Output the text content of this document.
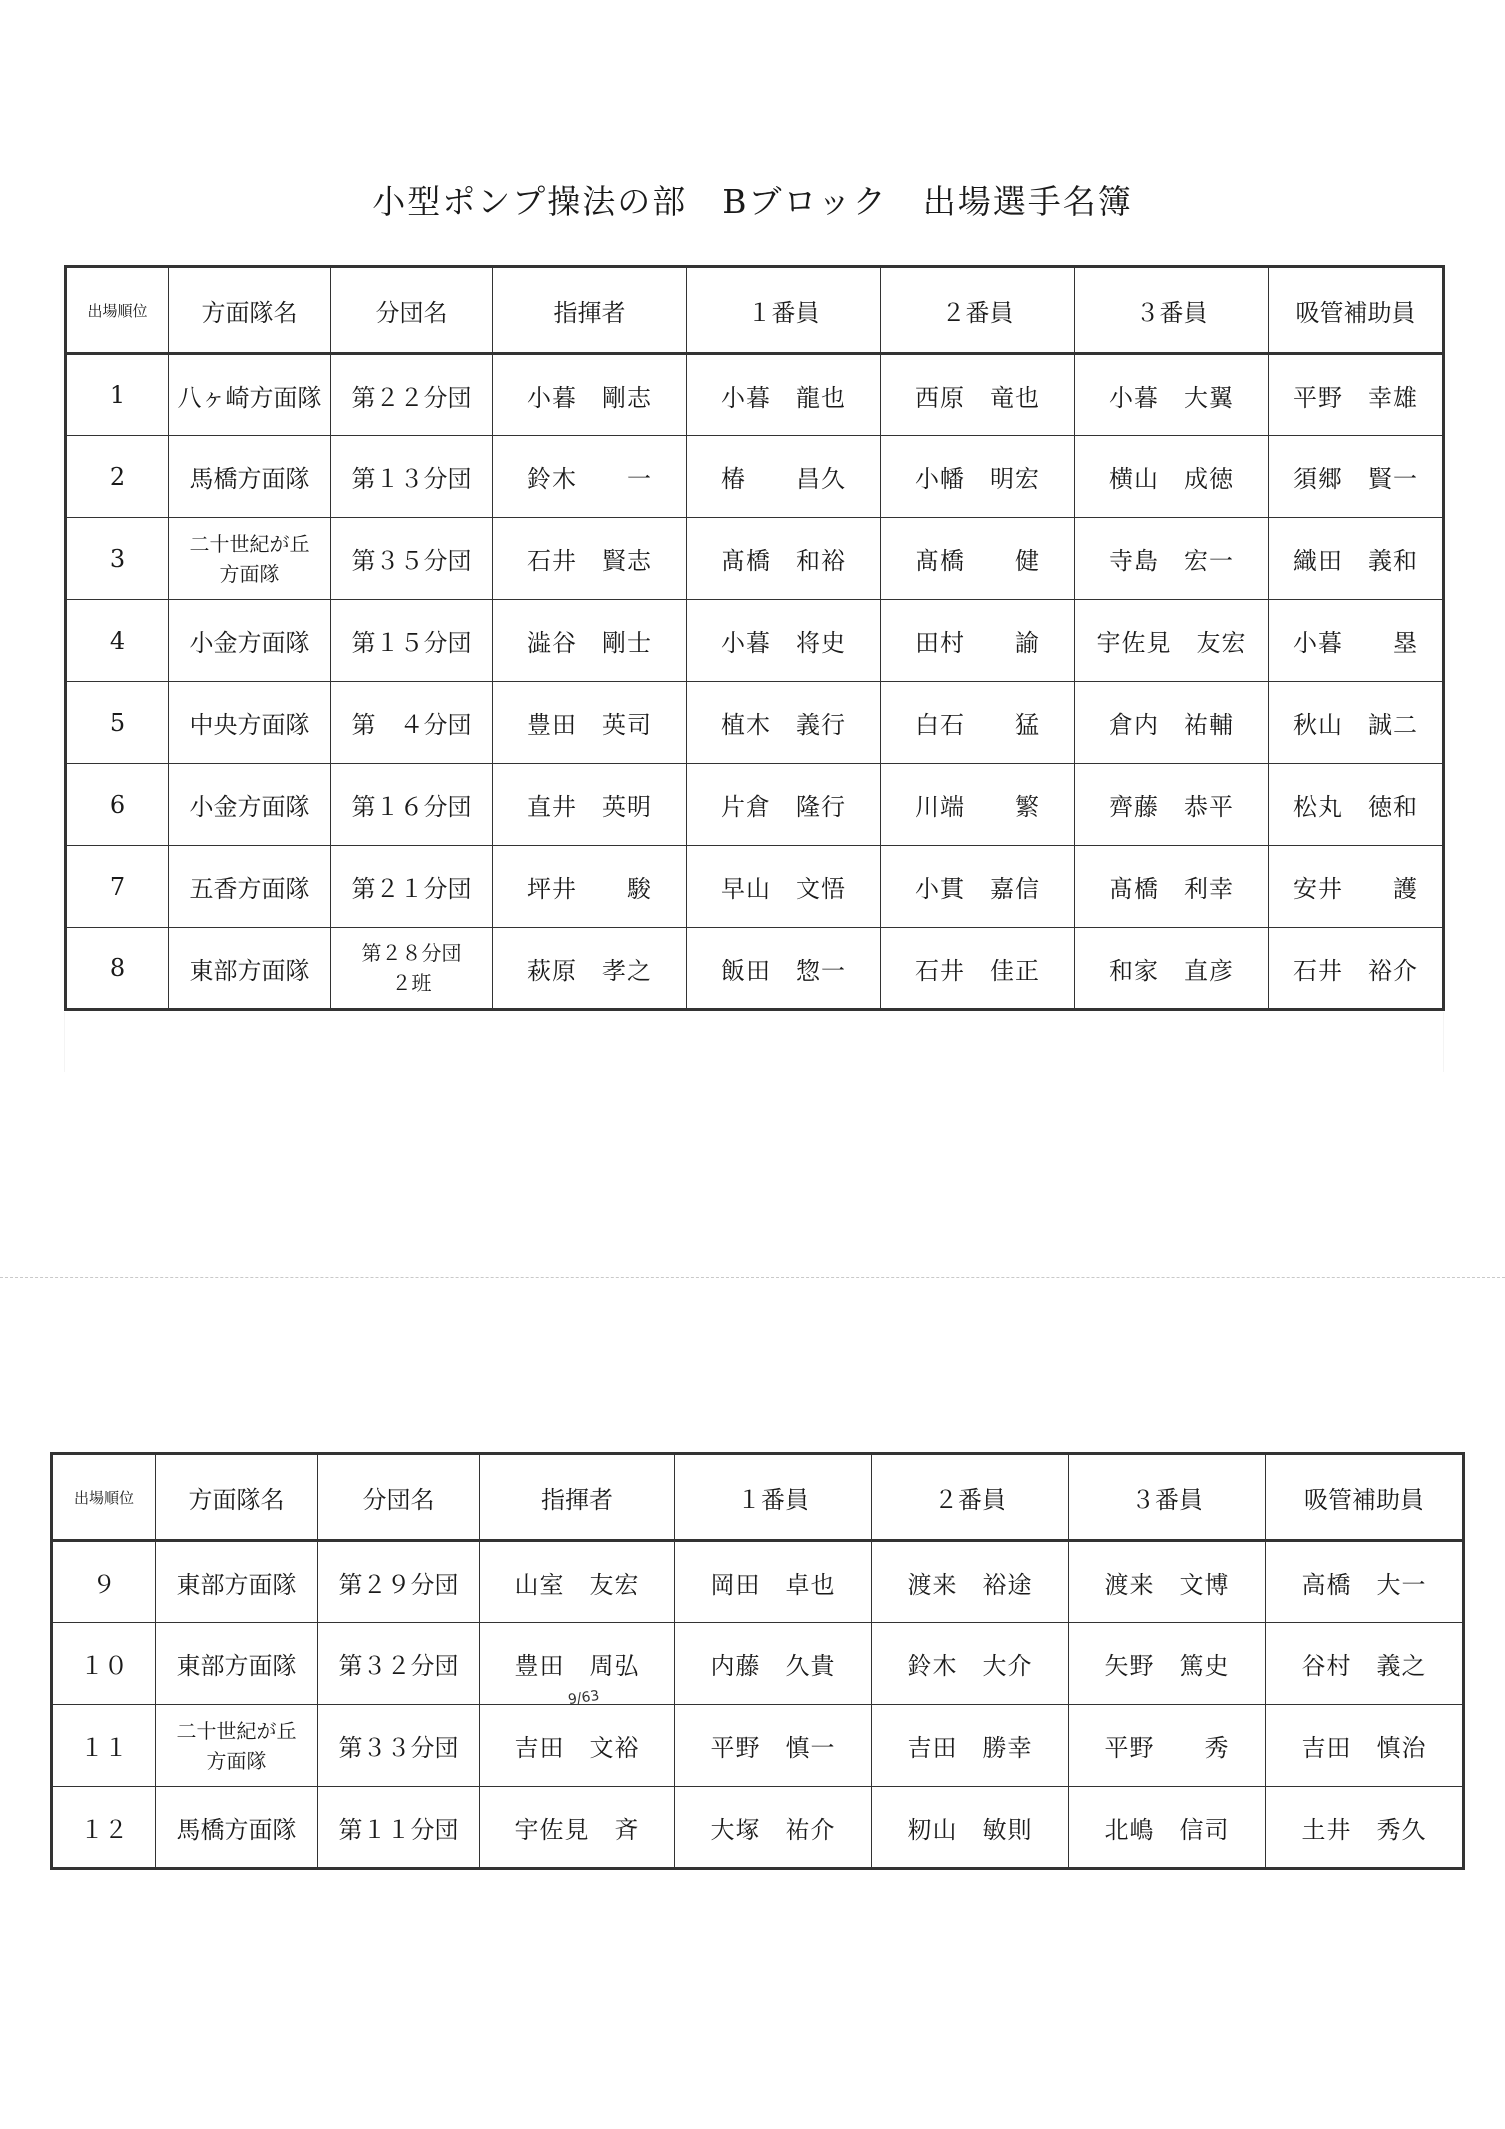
小型ポンプ操法の部　Bブロック　出場選手名簿
出場順位	方面隊名	分団名	指揮者	１番員	２番員	３番員	吸管補助員
1	八ヶ崎方面隊	第２２分団	小暮　剛志	小暮　龍也	西原　竜也	小暮　大翼	平野　幸雄
2	馬橋方面隊	第１３分団	鈴木　　一	椿　　昌久	小幡　明宏	横山　成徳	須郷　賢一
3	二十世紀が丘方面隊	第３５分団	石井　賢志	髙橋　和裕	髙橋　　健	寺島　宏一	織田　義和
4	小金方面隊	第１５分団	澁谷　剛士	小暮　将史	田村　　諭	宇佐見　友宏	小暮　　塁
5	中央方面隊	第　４分団	豊田　英司	植木　義行	白石　　猛	倉内　祐輔	秋山　誠二
6	小金方面隊	第１６分団	直井　英明	片倉　隆行	川端　　繁	齊藤　恭平	松丸　徳和
7	五香方面隊	第２１分団	坪井　　駿	早山　文悟	小貫　嘉信	髙橋　利幸	安井　　護
8	東部方面隊	第２８分団２班	萩原　孝之	飯田　惣一	石井　佳正	和家　直彦	石井　裕介
出場順位	方面隊名	分団名	指揮者	１番員	２番員	３番員	吸管補助員
９	東部方面隊	第２９分団	山室　友宏	岡田　卓也	渡来　裕途	渡来　文博	高橋　大一
１０	東部方面隊	第３２分団	豊田　周弘	内藤　久貴	鈴木　大介	矢野　篤史	谷村　義之
１１	二十世紀が丘方面隊	第３３分団	吉田　文裕	平野　慎一	吉田　勝幸	平野　　秀	吉田　慎治
１２	馬橋方面隊	第１１分団	宇佐見　斉	大塚　祐介	籾山　敏則	北嶋　信司	土井　秀久
9/63
